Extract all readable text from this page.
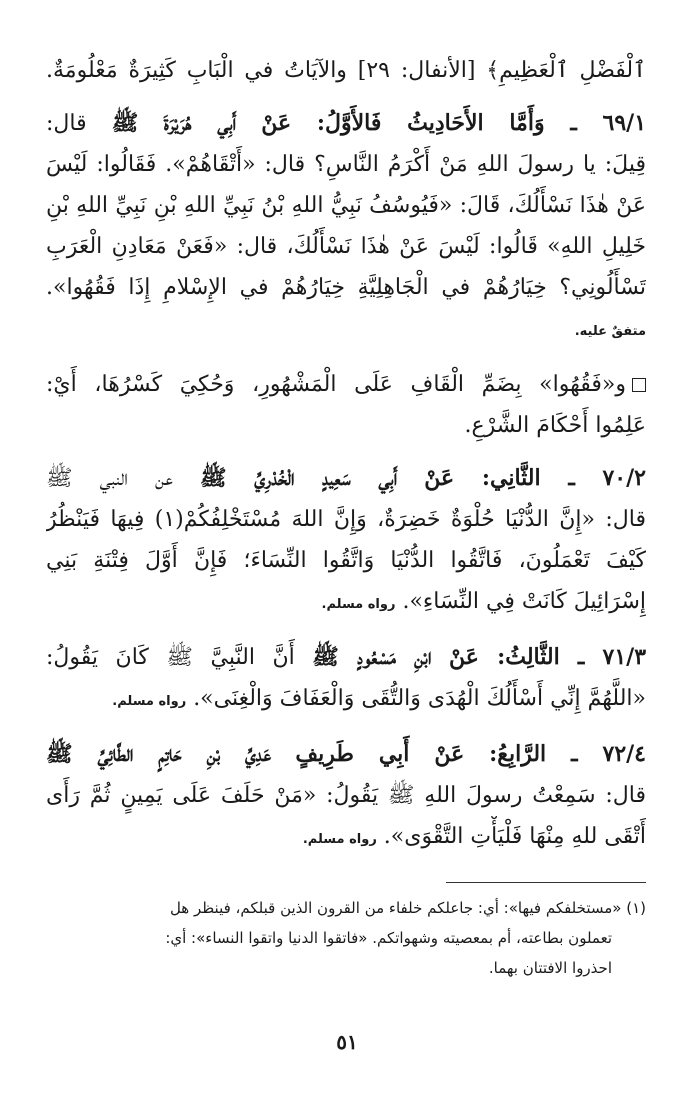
ٱلْفَضْلِ ٱلْعَظِيمِ﴾ [الأنفال: ٢٩] والآيَاتُ في الْبَابِ كَثِيرَةٌ مَعْلُومَةٌ.
٦٩/١ ـ وَأَمَّا الأَحَادِيثُ فَالأَوَّلُ: عَنْ أَبِي هُرَيْرَةَ ﷺ قال:
قِيلَ: يا رسولَ اللهِ مَنْ أَكْرَمُ النَّاسِ؟ قال: «أَتْقَاهُمْ». فَقَالُوا: لَيْسَ
عَنْ هٰذَا نَسْأَلُكَ، قَالَ: «فَيُوسُفُ نَبِيُّ اللهِ بْنُ نَبِيِّ اللهِ بْنِ نَبِيِّ اللهِ بْنِ
خَلِيلِ اللهِ» قَالُوا: لَيْسَ عَنْ هٰذَا نَسْأَلُكَ، قال: «فَعَنْ مَعَادِنِ الْعَرَبِ
تَسْأَلُونِي؟ خِيَارُهُمْ في الْجَاهِلِيَّةِ خِيَارُهُمْ في الإِسْلامِ إِذَا فَقُهُوا».
متفقٌ عليه.
و«فَقُهُوا» بِضَمِّ الْقَافِ عَلَى الْمَشْهُورِ، وَحُكِيَ كَسْرُهَا، أَيْ:
عَلِمُوا أَحْكَامَ الشَّرْعِ.
٧٠/٢ ـ الثَّانِي: عَنْ أَبِي سَعِيدٍ الْخُدْرِيِّ ﷺ عن النبي ﷺ
قال: «إِنَّ الدُّنْيَا حُلْوَةٌ خَضِرَةٌ، وَإِنَّ اللهَ مُسْتَخْلِفُكُمْ(١) فِيهَا فَيَنْظُرُ
كَيْفَ تَعْمَلُونَ، فَاتَّقُوا الدُّنْيَا وَاتَّقُوا النِّسَاءَ؛ فَإِنَّ أَوَّلَ فِتْنَةِ بَنِي
إِسْرَائِيلَ كَانَتْ فِي النِّسَاءِ». رواه مسلم.
٧١/٣ ـ الثَّالِثُ: عَنْ ابْنِ مَسْعُودٍ ﷺ أَنَّ النَّبِيَّ ﷺ كَانَ يَقُولُ:
«اللَّهُمَّ إِنِّي أَسْأَلُكَ الْهُدَى وَالتُّقَى وَالْعَفَافَ وَالْغِنَى». رواه مسلم.
٧٢/٤ ـ الرَّابِعُ: عَنْ أَبِي طَرِيفٍ عَدِيِّ بْنِ حَاتِمٍ الطَّائِيِّ ﷺ
قال: سَمِعْتُ رسولَ اللهِ ﷺ يَقُولُ: «مَنْ حَلَفَ عَلَى يَمِينٍ ثُمَّ رَأَى
أَتْقَى للهِ مِنْهَا فَلْيَأْتِ التَّقْوَى». رواه مسلم.
(١) «مستخلفكم فيها»: أي: جاعلكم خلفاء من القرون الذين قبلكم، فينظر هل
تعملون بطاعته، أم بمعصيته وشهواتكم. «فاتقوا الدنيا واتقوا النساء»: أي:
احذروا الافتتان بهما.
٥١
